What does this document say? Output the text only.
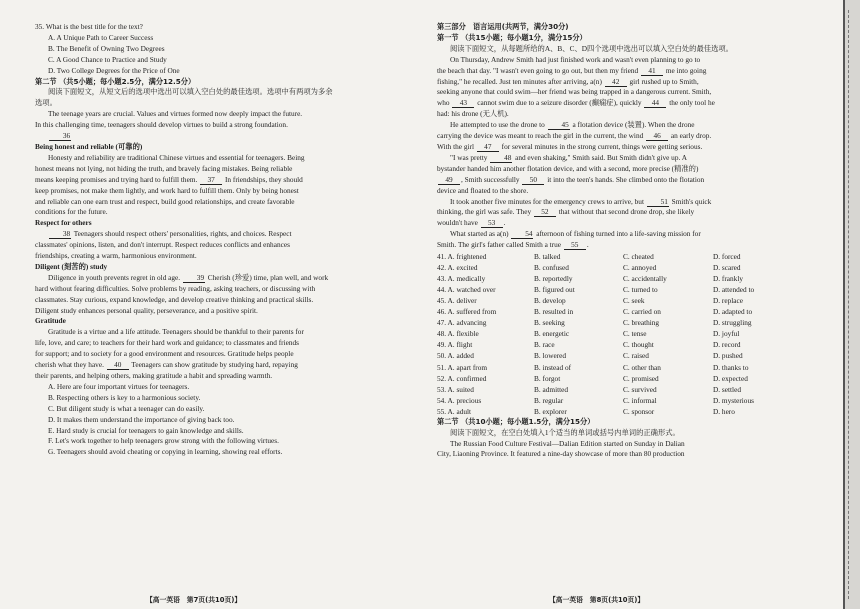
35. What is the best title for the text?
A. A Unique Path to Career Success
B. The Benefit of Owning Two Degrees
C. A Good Chance to Practice and Study
D. Two College Degrees for the Price of One
第二节 （共5小题；每小题2.5分，满分12.5分）
阅读下面短文，从短文后的选项中选出可以填入空白处的最佳选项。选项中有两项为多余
选项。
The teenage years are crucial. Values and virtues formed now deeply impact the future.
In this challenging time, teenagers should develop virtues to build a strong foundation.
36
Being honest and reliable (可靠的)
Honesty and reliability are traditional Chinese virtues and essential for teenagers. Being
honest means not lying, not hiding the truth, and bravely facing mistakes. Being reliable
means keeping promises and trying hard to fulfill them. 37 In friendships, they should
keep promises, not make them lightly, and work hard to fulfill them. Only by being honest
and reliable can one earn trust and respect, build good relationships, and create favorable
conditions for the future.
Respect for others
38 Teenagers should respect others' personalities, rights, and choices. Respect
classmates' opinions, listen, and don't interrupt. Respect reduces conflicts and enhances
friendships, creating a warm, harmonious environment.
Diligent (刻苦的) study
Diligence in youth prevents regret in old age. 39 Cherish (珍爱) time, plan well, and work
hard without fearing difficulties. Solve problems by reading, asking teachers, or discussing with
classmates. Stay curious, expand knowledge, and develop creative thinking and practical skills.
Diligent study enhances personal quality, perseverance, and a positive spirit.
Gratitude
Gratitude is a virtue and a life attitude. Teenagers should be thankful to their parents for
life, love, and care; to teachers for their hard work and guidance; to classmates and friends
for support; and to society for a good environment and resources. Gratitude helps people
cherish what they have. 40 Teenagers can show gratitude by studying hard, repaying
their parents, and helping others, making gratitude a habit and spreading warmth.
A. Here are four important virtues for teenagers.
B. Respecting others is key to a harmonious society.
C. But diligent study is what a teenager can do easily.
D. It makes them understand the importance of giving back too.
E. Hard study is crucial for teenagers to gain knowledge and skills.
F. Let's work together to help teenagers grow strong with the following virtues.
G. Teenagers should avoid cheating or copying in learning, showing real efforts.
第三部分　语言运用(共两节，满分30分)
第一节 （共15小题；每小题1分，满分15分）
阅读下面短文，从每题所给的A、B、C、D四个选项中选出可以填入空白处的最佳选项。
On Thursday, Andrew Smith had just finished work and wasn't even planning to go to
the beach that day. "I wasn't even going to go out, but then my friend 41 me into going
fishing," he recalled. Just ten minutes after arriving, a(n) 42 girl rushed up to Smith,
seeking anyone that could swim—her friend was being trapped in a dangerous current. Smith,
who 43 cannot swim due to a seizure disorder (癫痫症), quickly 44 the only tool he
had: his drone (无人机).
He attempted to use the drone to 45 a flotation device (装置). When the drone
carrying the device was meant to reach the girl in the current, the wind 46 an early drop.
With the girl 47 for several minutes in the strong current, things were getting serious.
"I was pretty 48 and even shaking," Smith said. But Smith didn't give up. A
bystander handed him another flotation device, and with a second, more precise (精准的)
49 , Smith successfully 50 it into the teen's hands. She climbed onto the flotation
device and floated to the shore.
It took another five minutes for the emergency crews to arrive, but 51 Smith's quick
thinking, the girl was safe. They 52 that without that second drone drop, she likely
wouldn't have 53 .
What started as a(n) 54 afternoon of fishing turned into a life-saving mission for
Smith. The girl's father called Smith a true 55 .
41. A. frightened	B. talked	C. cheated	D. forced
42. A. excited	B. confused	C. annoyed	D. scared
43. A. medically	B. reportedly	C. accidentally	D. frankly
44. A. watched over	B. figured out	C. turned to	D. attended to
45. A. deliver	B. develop	C. seek	D. replace
46. A. suffered from	B. resulted in	C. carried on	D. adapted to
47. A. advancing	B. seeking	C. breathing	D. struggling
48. A. flexible	B. energetic	C. tense	D. joyful
49. A. flight	B. race	C. thought	D. record
50. A. added	B. lowered	C. raised	D. pushed
51. A. apart from	B. instead of	C. other than	D. thanks to
52. A. confirmed	B. forgot	C. promised	D. expected
53. A. suited	B. admitted	C. survived	D. settled
54. A. precious	B. regular	C. informal	D. mysterious
55. A. adult	B. explorer	C. sponsor	D. hero
第二节 （共10小题；每小题1.5分，满分15分）
阅读下面短文，在空白处填入1个适当的单词或括号内单词的正确形式。
The Russian Food Culture Festival—Dalian Edition started on Sunday in Dalian
City, Liaoning Province. It featured a nine-day showcase of more than 80 production
【高一英语　第7页(共10页)】	【高一英语　第8页(共10页)】
